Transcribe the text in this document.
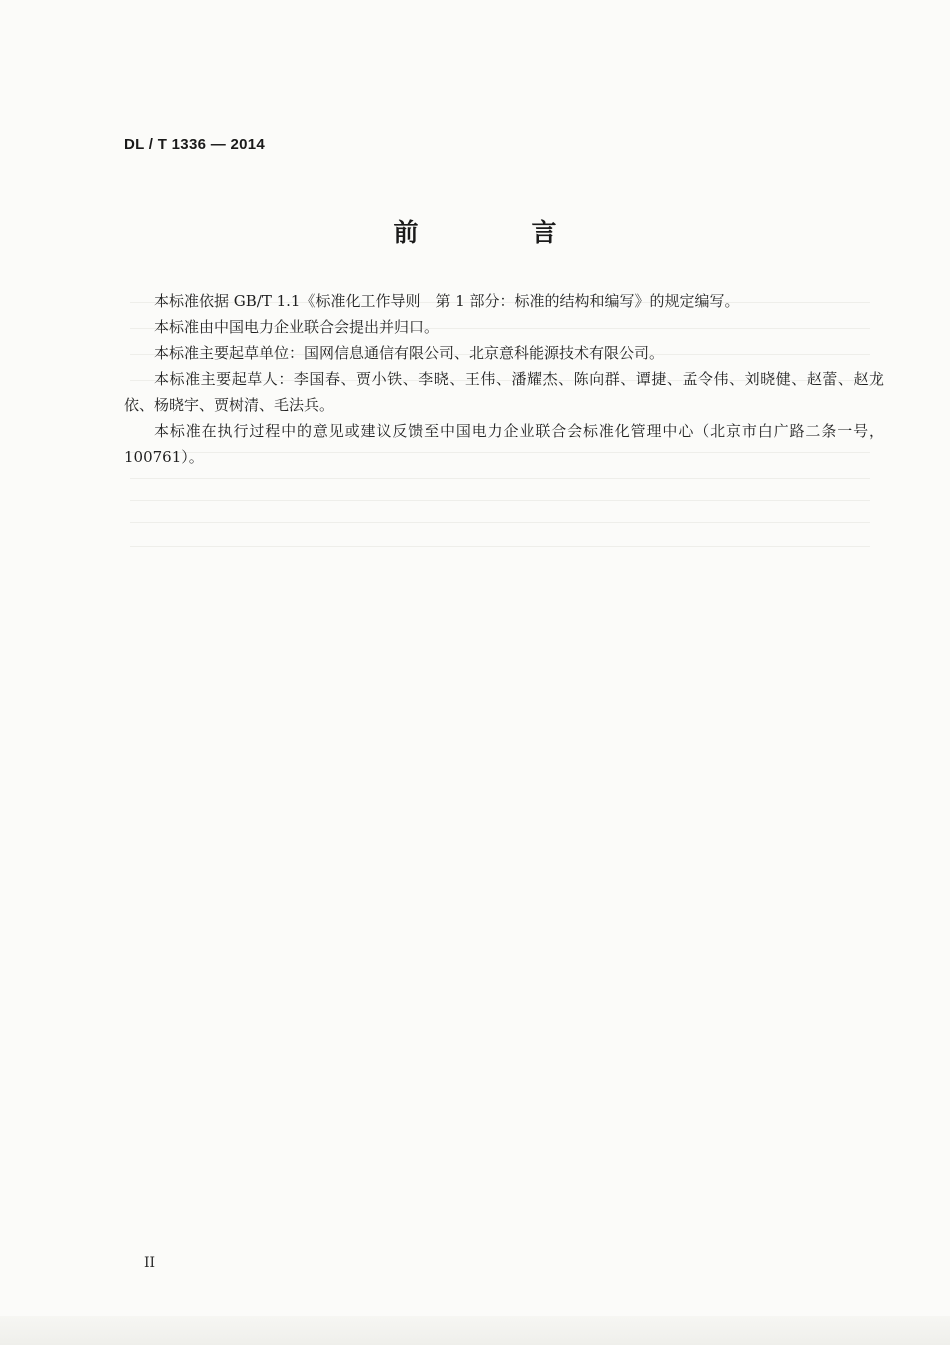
DL / T 1336 — 2014
前　言

本标准依据 GB/T 1.1《标准化工作导则　第 1 部分：标准的结构和编写》的规定编写。

本标准由中国电力企业联合会提出并归口。

本标准主要起草单位：国网信息通信有限公司、北京意科能源技术有限公司。

本标准主要起草人：李国春、贾小铁、李晓、王伟、潘耀杰、陈向群、谭捷、孟令伟、刘晓健、赵蕾、赵龙依、杨晓宇、贾树清、毛法兵。

本标准在执行过程中的意见或建议反馈至中国电力企业联合会标准化管理中心（北京市白广路二条一号，100761）。

II
